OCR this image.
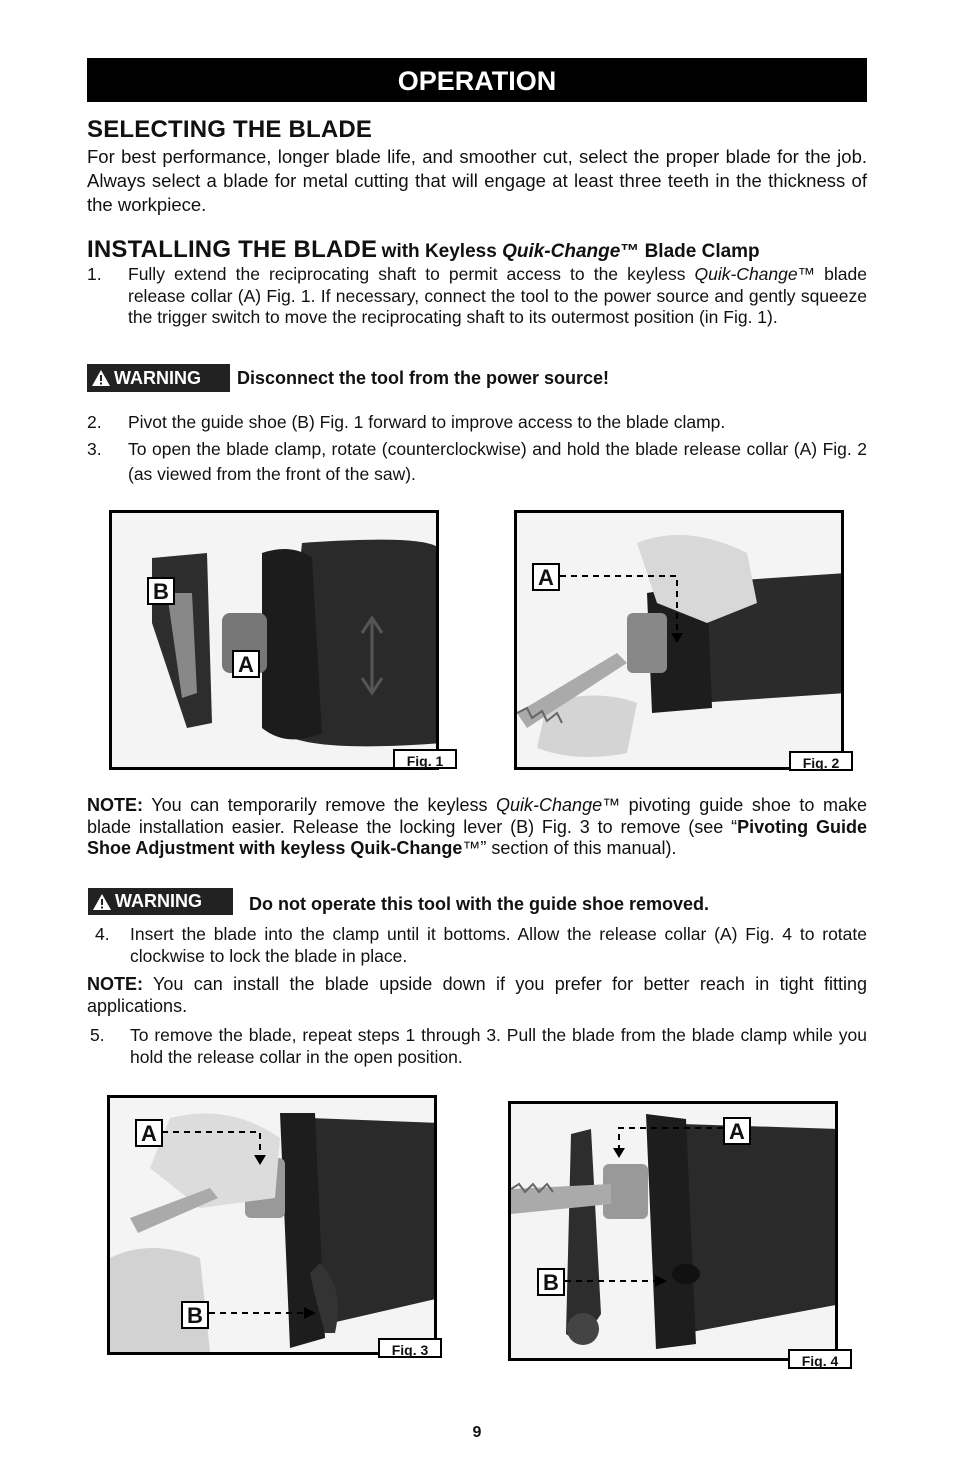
OPERATION
SELECTING THE BLADE
For best performance, longer blade life, and smoother cut, select the proper blade for the job. Always select a blade for metal cutting that will engage at least three teeth in the thickness of the workpiece.
INSTALLING THE BLADE with Keyless Quik-Change™ Blade Clamp
1. Fully extend the reciprocating shaft to permit access to the keyless Quik-Change™ blade release collar (A) Fig. 1. If necessary, connect the tool to the power source and gently squeeze the trigger switch to move the reciprocating shaft to its outermost position (in Fig. 1).
WARNING Disconnect the tool from the power source!
2. Pivot the guide shoe (B) Fig. 1 forward to improve access to the blade clamp.
3. To open the blade clamp, rotate (counterclockwise) and hold the blade release collar (A) Fig. 2 (as viewed from the front of the saw).
B
A
Fig. 1
A
Fig. 2
NOTE: You can temporarily remove the keyless Quik-Change™ pivoting guide shoe to make blade installation easier. Release the locking lever (B) Fig. 3 to remove (see “Pivoting Guide Shoe Adjustment with keyless Quik-Change™” section of this manual).
WARNING	Do not operate this tool with the guide shoe removed.
4. Insert the blade into the clamp until it bottoms. Allow the release collar (A) Fig. 4 to rotate clockwise to lock the blade in place.
NOTE: You can install the blade upside down if you prefer for better reach in tight fitting applications.
5. To remove the blade, repeat steps 1 through 3. Pull the blade from the blade clamp while you hold the release collar in the open position.
A
B
Fig. 3
A
B
Fig. 4
9
